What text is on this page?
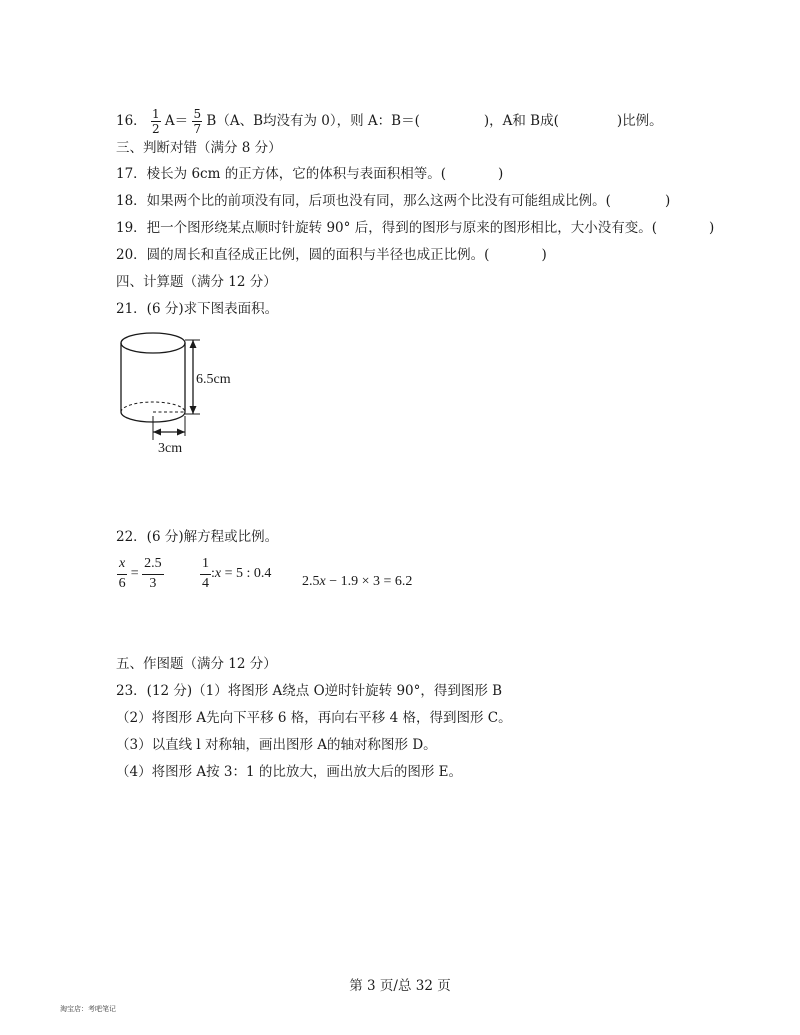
16． $\frac{1}{2} A= \frac{5}{7} B(A$、B均没有为 0），则 A：B＝(	)，A和 B成(	)比例。
三、判断对错（满分 8 分）
17．棱长为 6cm 的正方体，它的体积与表面积相等。(	)
18．如果两个比的前项没有同，后项也没有同，那么这两个比没有可能组成比例。(	)
19．把一个图形绕某点顺时针旋转 90° 后，得到的图形与原来的图形相比，大小没有变。(	)
20．圆的周长和直径成正比例，圆的面积与半径也成正比例。(	)
四、计算题（满分 12 分）
21．(6 分)求下图表面积。
6.5cm
3cm
22．(6 分)解方程或比例。
$\frac{x}{6} = \frac{2.5}{3}$	$\frac{1}{4}$ :x = 5 : 0.4
2.5x − 1.9 × 3 = 6.2
五、作图题（满分 12 分）
23．(12 分)（1）将图形 A绕点 O逆时针旋转 90°，得到图形 B
（2）将图形 A先向下平移 6 格，再向右平移 4 格，得到图形 C。
（3）以直线 l 对称轴，画出图形 A的轴对称图形 D。
（4）将图形 A按 3：1 的比放大，画出放大后的图形 E。
第 3 页/总 32 页
淘宝店：考吧笔记
